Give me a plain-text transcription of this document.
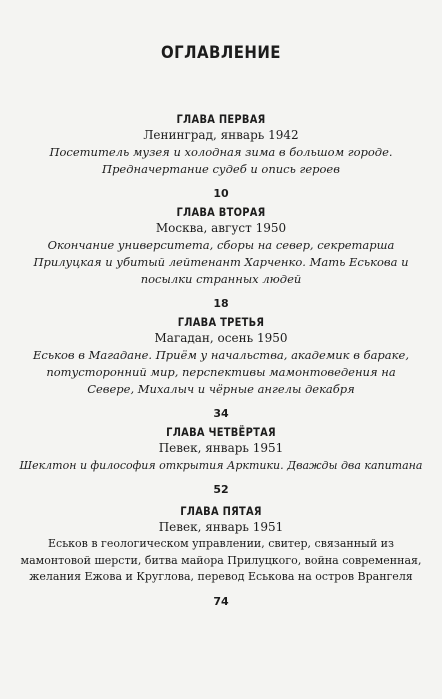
ОГЛАВЛЕНИЕ
ГЛАВА ПЕРВАЯ
Ленинград, январь 1942
Посетитель музея и холодная зима в большом городе. Предначертание судеб и опись героев
10
ГЛАВА ВТОРАЯ
Москва, август 1950
Окончание университета, сборы на север, секретарша Прилуцкая и убитый лейтенант Харченко. Мать Еськова и посылки странных людей
18
ГЛАВА ТРЕТЬЯ
Магадан, осень 1950
Еськов в Магадане. Приём у начальства, академик в бараке, потусторонний мир, перспективы мамонтоведения на Севере, Михалыч и чёрные ангелы декабря
34
ГЛАВА ЧЕТВЁРТАЯ
Певек, январь 1951
Шеклтон и философия открытия Арктики. Дважды два капитана
52
ГЛАВА ПЯТАЯ
Певек, январь 1951
Еськов в геологическом управлении, свитер, связанный из мамонтовой шерсти, битва майора Прилуцкого, война современная, желания Ежова и Круглова, перевод Еськова на остров Врангеля
74
